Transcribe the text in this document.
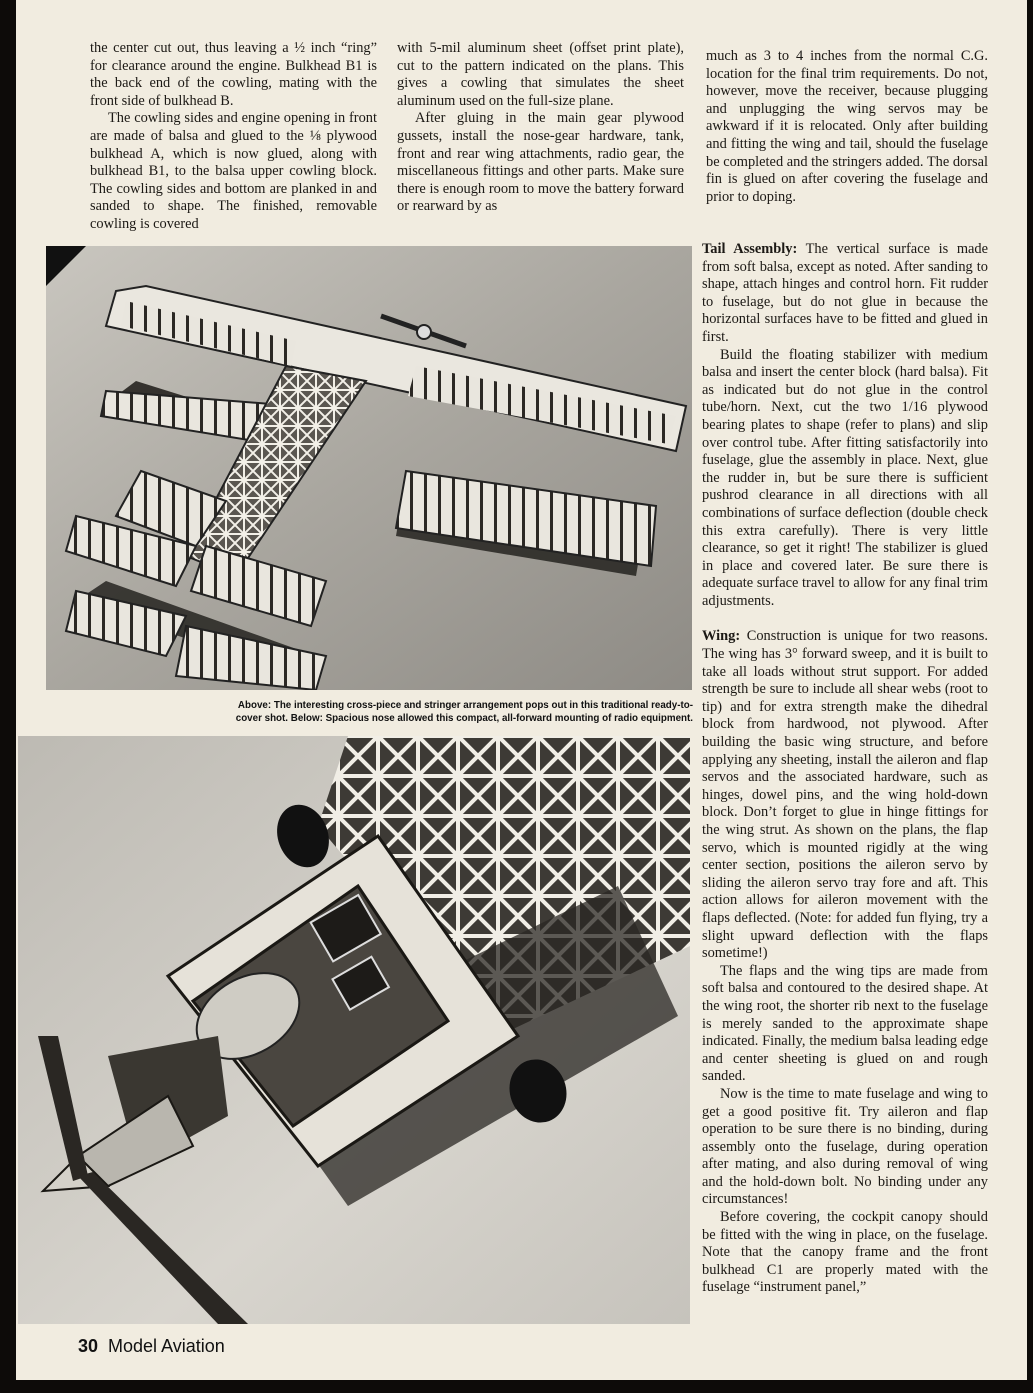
the center cut out, thus leaving a ½ inch “ring” for clearance around the engine. Bulkhead B1 is the back end of the cowling, mating with the front side of bulkhead B.

The cowling sides and engine opening in front are made of balsa and glued to the ⅛ plywood bulkhead A, which is now glued, along with bulkhead B1, to the balsa upper cowling block. The cowling sides and bottom are planked in and sanded to shape. The finished, removable cowling is covered

with 5-mil aluminum sheet (offset print plate), cut to the pattern indicated on the plans. This gives a cowling that simulates the sheet aluminum used on the full-size plane.

After gluing in the main gear plywood gussets, install the nose-gear hardware, tank, front and rear wing attachments, radio gear, the miscellaneous fittings and other parts. Make sure there is enough room to move the battery forward or rearward by as

much as 3 to 4 inches from the normal C.G. location for the final trim requirements. Do not, however, move the receiver, because plugging and unplugging the wing servos may be awkward if it is relocated. Only after building and fitting the wing and tail, should the fuselage be completed and the stringers added. The dorsal fin is glued on after covering the fuselage and prior to doping.

Tail Assembly: The vertical surface is made from soft balsa, except as noted. After sanding to shape, attach hinges and control horn. Fit rudder to fuselage, but do not glue in because the horizontal surfaces have to be fitted and glued in first.

Build the floating stabilizer with medium balsa and insert the center block (hard balsa). Fit as indicated but do not glue in the control tube/horn. Next, cut the two 1/16 plywood bearing plates to shape (refer to plans) and slip over control tube. After fitting satisfactorily into fuselage, glue the assembly in place. Next, glue the rudder in, but be sure there is sufficient pushrod clearance in all directions with all combinations of surface deflection (double check this extra carefully). There is very little clearance, so get it right! The stabilizer is glued in place and covered later. Be sure there is adequate surface travel to allow for any final trim adjustments.

Wing: Construction is unique for two reasons. The wing has 3° forward sweep, and it is built to take all loads without strut support. For added strength be sure to include all shear webs (root to tip) and for extra strength make the dihedral block from hardwood, not plywood. After building the basic wing structure, and before applying any sheeting, install the aileron and flap servos and the associated hardware, such as hinges, dowel pins, and the wing hold-down block. Don’t forget to glue in hinge fittings for the wing strut. As shown on the plans, the flap servo, which is mounted rigidly at the wing center section, positions the aileron servo by sliding the aileron servo tray fore and aft. This action allows for aileron movement with the flaps deflected. (Note: for added fun flying, try a slight upward deflection with the flaps sometime!)

The flaps and the wing tips are made from soft balsa and contoured to the desired shape. At the wing root, the shorter rib next to the fuselage is merely sanded to the approximate shape indicated. Finally, the medium balsa leading edge and center sheeting is glued on and rough sanded.

Now is the time to mate fuselage and wing to get a good positive fit. Try aileron and flap operation to be sure there is no binding, during assembly onto the fuselage, during operation after mating, and also during removal of wing and the hold-down bolt. No binding under any circumstances!

Before covering, the cockpit canopy should be fitted with the wing in place, on the fuselage. Note that the canopy frame and the front bulkhead C1 are properly mated with the fuselage “instrument panel,”

Above: The interesting cross-piece and stringer arrangement pops out in this traditional ready-to-
cover shot. Below: Spacious nose allowed this compact, all-forward mounting of radio equipment.
30 Model Aviation
